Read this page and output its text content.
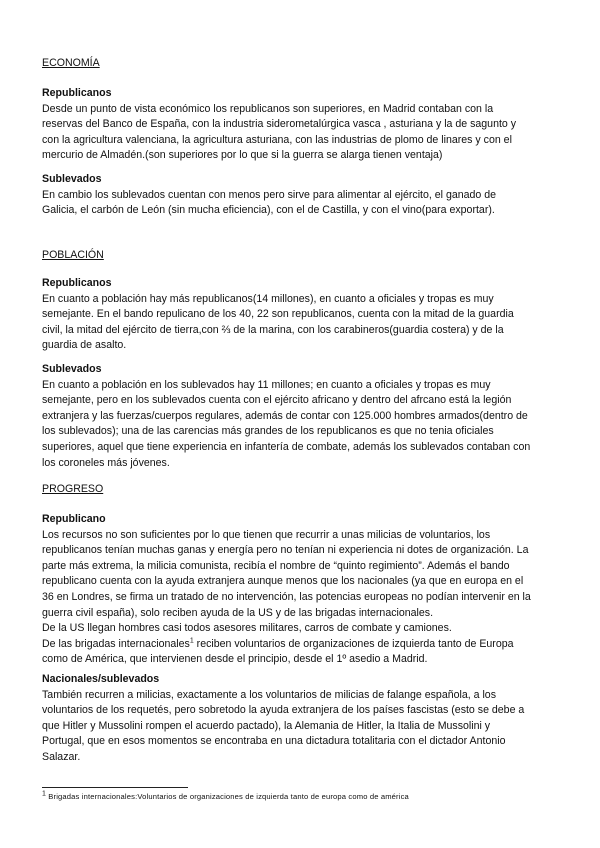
ECONOMÍA
Republicanos

Desde un punto de vista económico los republicanos son superiores, en Madrid contaban con la
reservas del Banco de España, con la industria siderometalúrgica vasca , asturiana y la de sagunto y
con la agricultura valenciana, la agricultura asturiana, con las industrias de plomo de linares y con el
mercurio de Almadén.(son superiores por lo que si la guerra se alarga tienen ventaja)

Sublevados

En cambio los sublevados cuentan con menos pero sirve para alimentar al ejército, el ganado de
Galicia, el carbón de León (sin mucha eficiencia), con el de Castilla, y con el vino(para exportar).

POBLACIÓN
Republicanos

En cuanto a población hay más republicanos(14 millones), en cuanto a oficiales y tropas es muy
semejante. En el bando repulicano de los 40, 22 son republicanos, cuenta con la mitad de la guardia
civil, la mitad del ejército de tierra,con ⅔ de la marina, con los carabineros(guardia costera) y de la
guardia de asalto.

Sublevados

En cuanto a población en los sublevados hay 11 millones; en cuanto a oficiales y tropas es muy
semejante, pero en los sublevados cuenta con el ejército africano y dentro del afrcano está la legión
extranjera y las fuerzas/cuerpos regulares, además de contar con 125.000 hombres armados(dentro de
los sublevados); una de las carencias más grandes de los republicanos es que no tenia oficiales
superiores, aquel que tiene experiencia en infantería de combate, además los sublevados contaban con
los coroneles más jóvenes.

PROGRESO
Republicano

Los recursos no son suficientes por lo que tienen que recurrir a unas milicias de voluntarios, los
republicanos tenían muchas ganas y energía pero no tenían ni experiencia ni dotes de organización. La
parte más extrema, la milicia comunista, recibía el nombre de “quinto regimiento”. Además el bando
republicano cuenta con la ayuda extranjera aunque menos que los nacionales (ya que en europa en el
36 en Londres, se firma un tratado de no intervención, las potencias europeas no podían intervenir en la
guerra civil españa), solo reciben ayuda de la US y de las brigadas internacionales.
De la US llegan hombres casi todos asesores militares, carros de combate y camiones.

De las brigadas internacionales$^1$ reciben voluntarios de organizaciones de izquierda tanto de Europa
como de América, que intervienen desde el principio, desde el 1º asedio a Madrid.

Nacionales/sublevados

También recurren a milicias, exactamente a los voluntarios de milicias de falange española, a los
voluntarios de los requetés, pero sobretodo la ayuda extranjera de los países fascistas (esto se debe a
que Hitler y Mussolini rompen el acuerdo pactado), la Alemania de Hitler, la Italia de Mussolini y
Portugal, que en esos momentos se encontraba en una dictadura totalitaria con el dictador Antonio
Salazar.

$^1$ Brigadas internacionales:Voluntarios de organizaciones de izquierda tanto de europa como de américa
